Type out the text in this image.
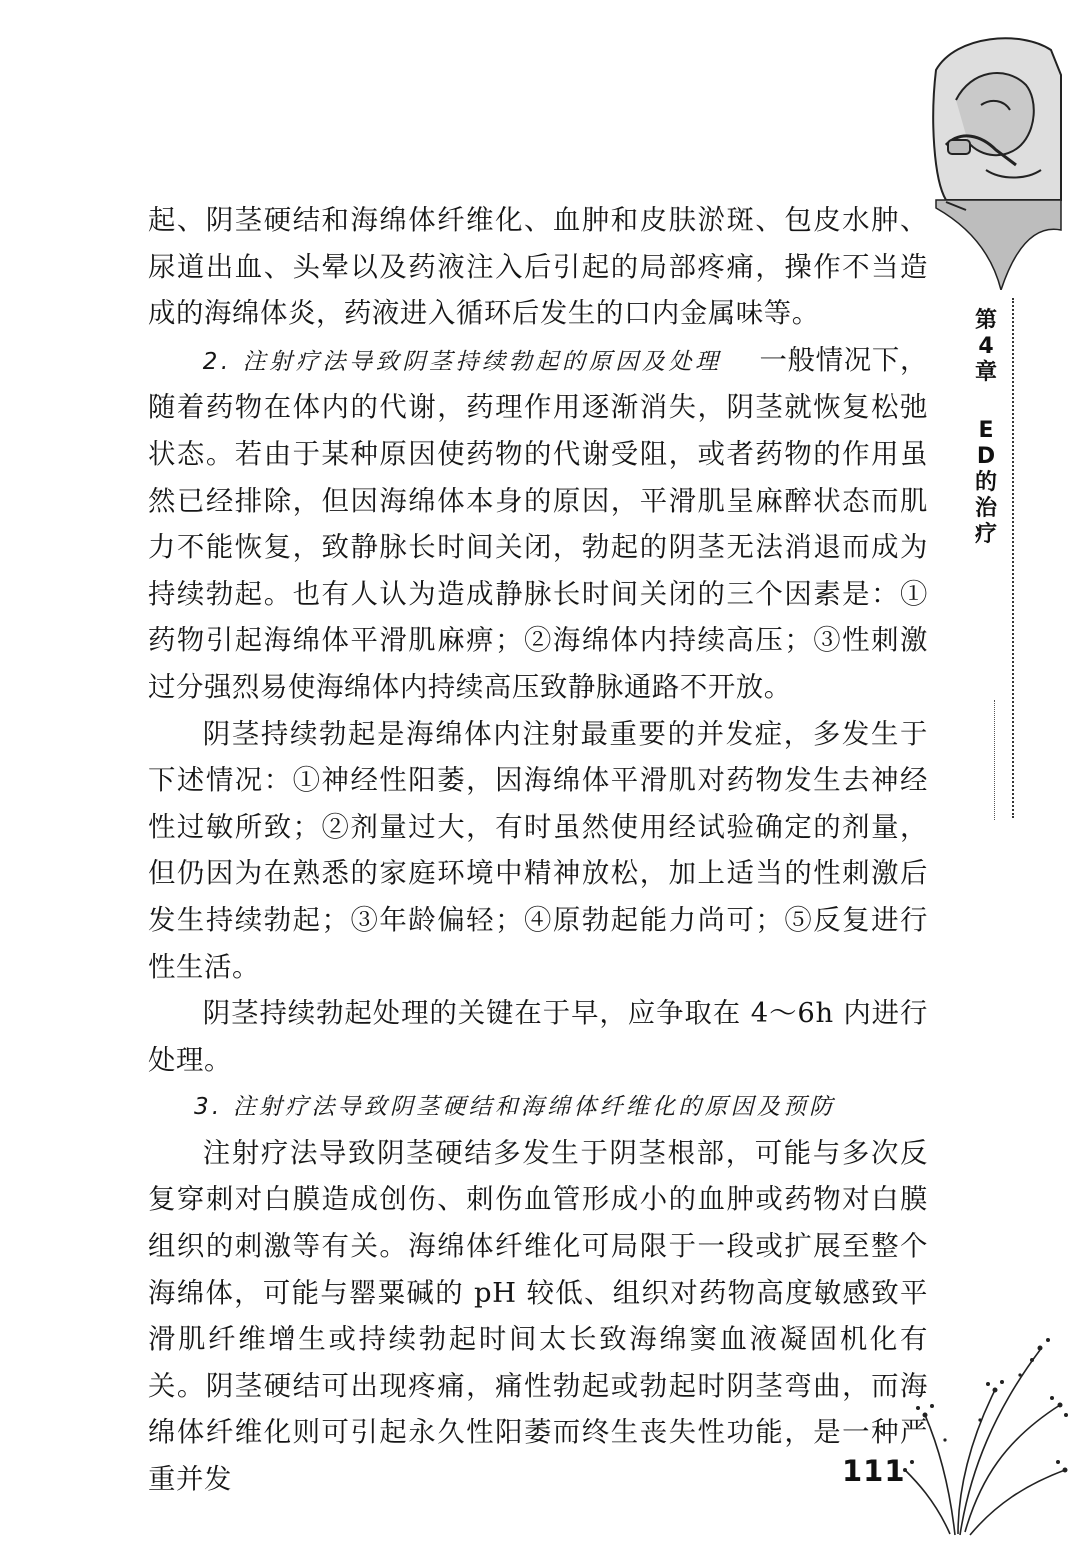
起、阴茎硬结和海绵体纤维化、血肿和皮肤淤斑、包皮水肿、尿道出血、头晕以及药液注入后引起的局部疼痛，操作不当造成的海绵体炎，药液进入循环后发生的口内金属味等。

2. 注射疗法导致阴茎持续勃起的原因及处理 一般情况下，随着药物在体内的代谢，药理作用逐渐消失，阴茎就恢复松弛状态。若由于某种原因使药物的代谢受阻，或者药物的作用虽然已经排除，但因海绵体本身的原因，平滑肌呈麻醉状态而肌力不能恢复，致静脉长时间关闭，勃起的阴茎无法消退而成为持续勃起。也有人认为造成静脉长时间关闭的三个因素是：①药物引起海绵体平滑肌麻痹；②海绵体内持续高压；③性刺激过分强烈易使海绵体内持续高压致静脉通路不开放。

阴茎持续勃起是海绵体内注射最重要的并发症，多发生于下述情况：①神经性阳萎，因海绵体平滑肌对药物发生去神经性过敏所致；②剂量过大，有时虽然使用经试验确定的剂量，但仍因为在熟悉的家庭环境中精神放松，加上适当的性刺激后发生持续勃起；③年龄偏轻；④原勃起能力尚可；⑤反复进行性生活。

阴茎持续勃起处理的关键在于早，应争取在 4～6h 内进行处理。

3. 注射疗法导致阴茎硬结和海绵体纤维化的原因及预防

注射疗法导致阴茎硬结多发生于阴茎根部，可能与多次反复穿刺对白膜造成创伤、刺伤血管形成小的血肿或药物对白膜组织的刺激等有关。海绵体纤维化可局限于一段或扩展至整个海绵体，可能与罂粟碱的 pH 较低、组织对药物高度敏感致平滑肌纤维增生或持续勃起时间太长致海绵窦血液凝固机化有关。阴茎硬结可出现疼痛，痛性勃起或勃起时阴茎弯曲，而海绵体纤维化则可引起永久性阳萎而终生丧失性功能，是一种严重并发

第4章
ED的治疗
111
